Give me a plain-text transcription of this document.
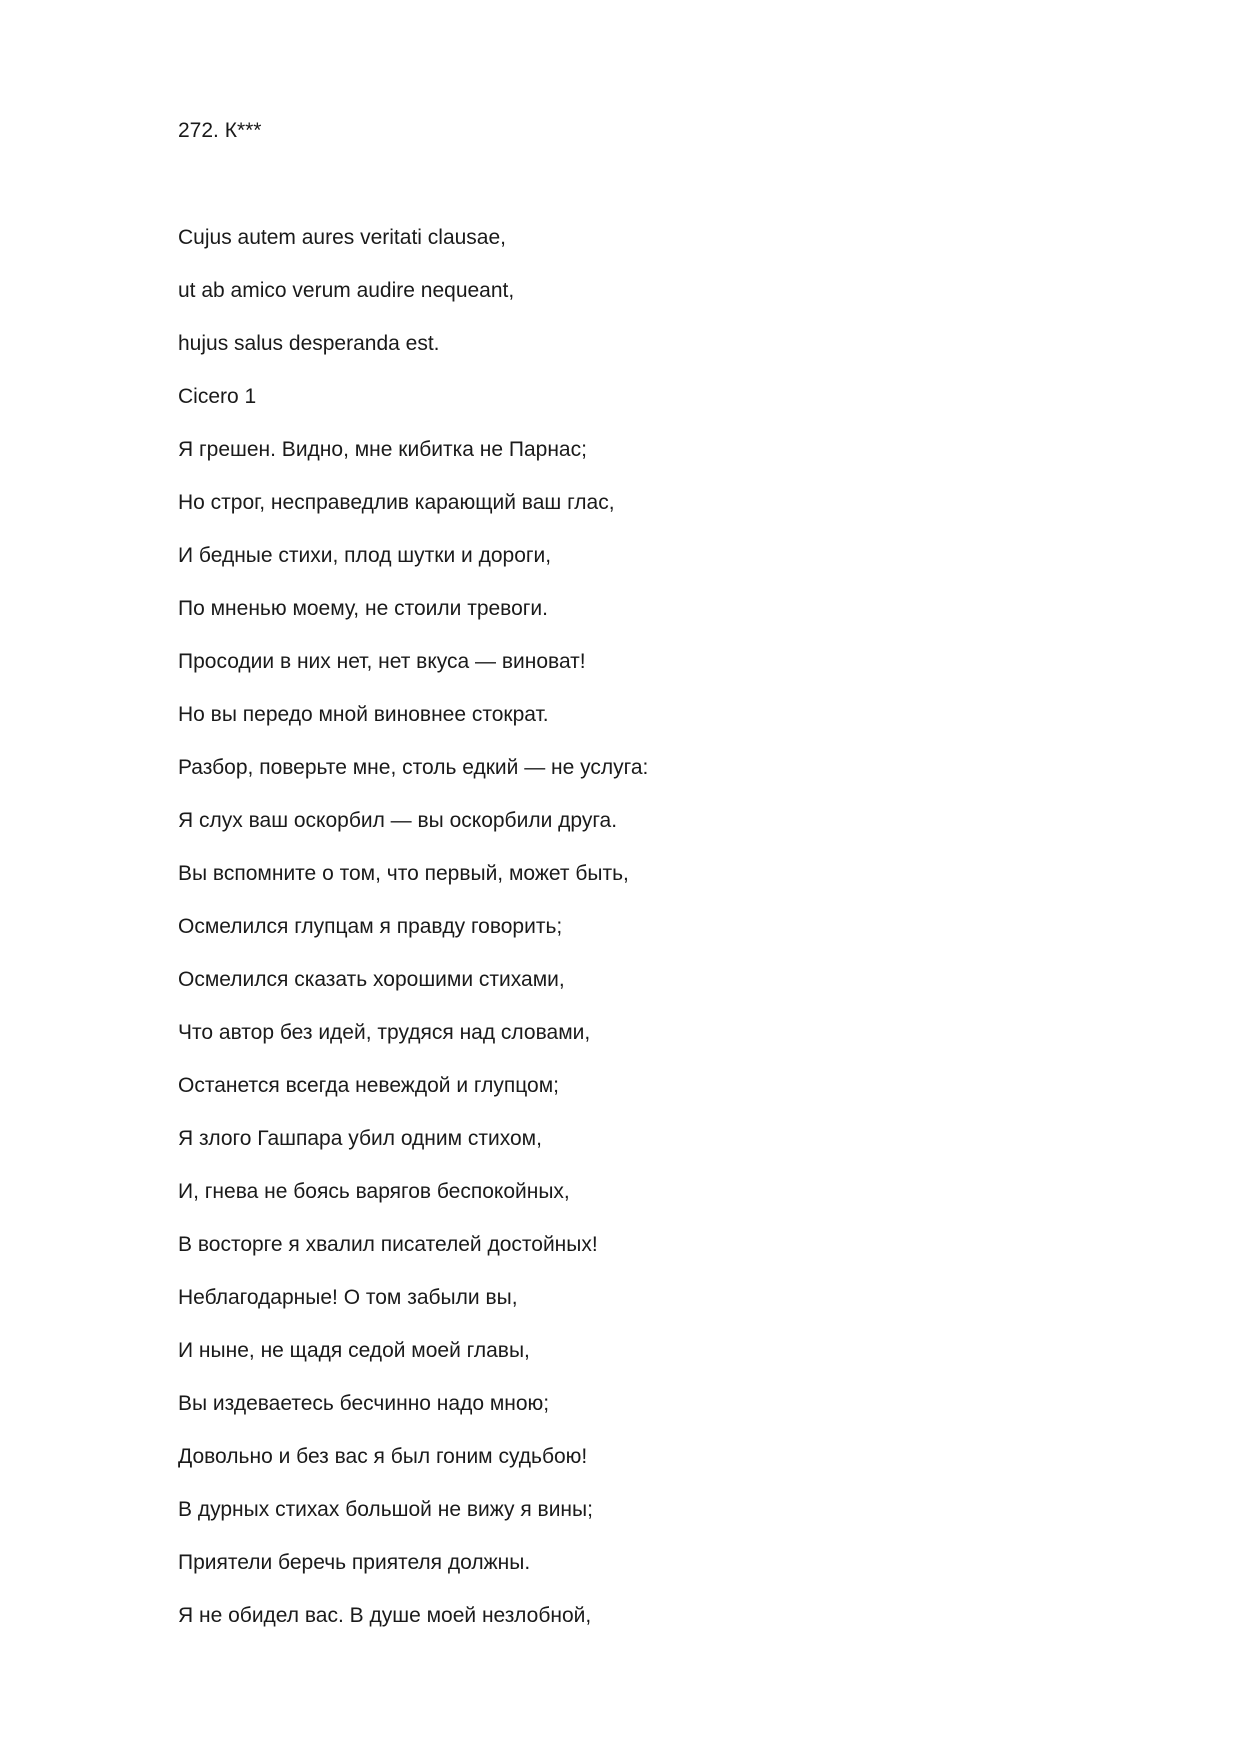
272. К***
Cujus autem aures veritati clausae,
ut ab amico verum audire nequeant,
hujus salus desperanda est.
Cicero 1
Я грешен. Видно, мне кибитка не Парнас;
Но строг, несправедлив карающий ваш глас,
И бедные стихи, плод шутки и дороги,
По мненью моему, не стоили тревоги.
Просодии в них нет, нет вкуса — виноват!
Но вы передо мной виновнее стократ.
Разбор, поверьте мне, столь едкий — не услуга:
Я слух ваш оскорбил — вы оскорбили друга.
Вы вспомните о том, что первый, может быть,
Осмелился глупцам я правду говорить;
Осмелился сказать хорошими стихами,
Что автор без идей, трудяся над словами,
Останется всегда невеждой и глупцом;
Я злого Гашпара убил одним стихом,
И, гнева не боясь варягов беспокойных,
В восторге я хвалил писателей достойных!
Неблагодарные! О том забыли вы,
И ныне, не щадя седой моей главы,
Вы издеваетесь бесчинно надо мною;
Довольно и без вас я был гоним судьбою!
В дурных стихах большой не вижу я вины;
Приятели беречь приятеля должны.
Я не обидел вас. В душе моей незлобной,
